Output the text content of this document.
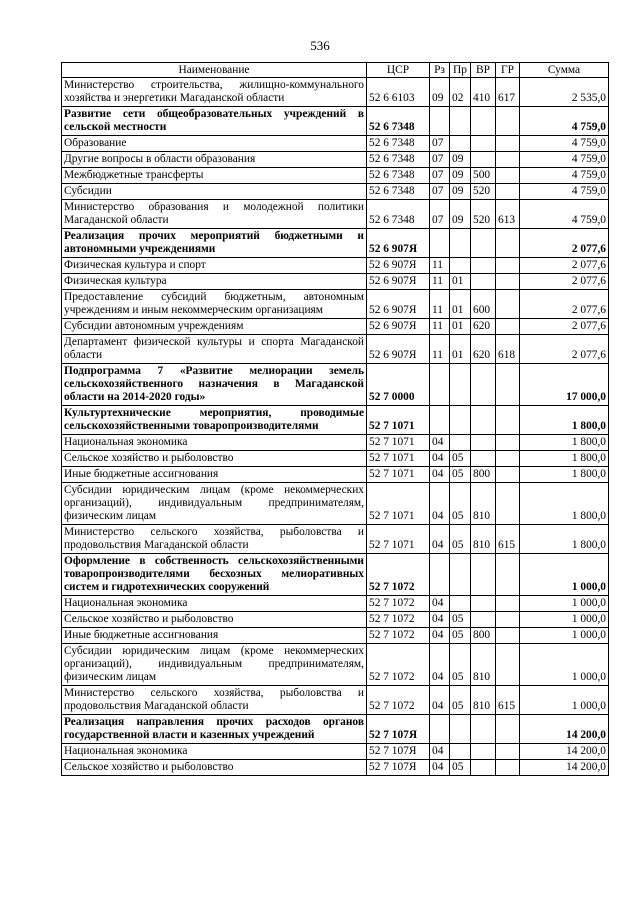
536
Наименование	ЦСР	Рз	Пр	ВР	ГР	Сумма
Министерство строительства, жилищно-коммунального хозяйства и энергетики Магаданской области	52 6 6103	09	02	410	617	2 535,0
Развитие сети общеобразовательных учреждений в сельской местности	52 6 7348					4 759,0
Образование	52 6 7348	07				4 759,0
Другие вопросы в области образования	52 6 7348	07	09			4 759,0
Межбюджетные трансферты	52 6 7348	07	09	500		4 759,0
Субсидии	52 6 7348	07	09	520		4 759,0
Министерство образования и молодежной политики Магаданской области	52 6 7348	07	09	520	613	4 759,0
Реализация прочих мероприятий бюджетными и автономными учреждениями	52 6 907Я					2 077,6
Физическая культура и спорт	52 6 907Я	11				2 077,6
Физическая культура	52 6 907Я	11	01			2 077,6
Предоставление субсидий бюджетным, автономным учреждениям и иным некоммерческим организациям	52 6 907Я	11	01	600		2 077,6
Субсидии автономным учреждениям	52 6 907Я	11	01	620		2 077,6
Департамент физической культуры и спорта Магаданской области	52 6 907Я	11	01	620	618	2 077,6
Подпрограмма 7 «Развитие мелиорации земель сельскохозяйственного назначения в Магаданской области на 2014-2020 годы»	52 7 0000					17 000,0
Культуртехнические мероприятия, проводимые сельскохозяйственными товаропроизводителями	52 7 1071					1 800,0
Национальная экономика	52 7 1071	04				1 800,0
Сельское хозяйство и рыболовство	52 7 1071	04	05			1 800,0
Иные бюджетные ассигнования	52 7 1071	04	05	800		1 800,0
Субсидии юридическим лицам (кроме некоммерческих организаций), индивидуальным предпринимателям, физическим лицам	52 7 1071	04	05	810		1 800,0
Министерство сельского хозяйства, рыболовства и продовольствия Магаданской области	52 7 1071	04	05	810	615	1 800,0
Оформление в собственность сельскохозяйственными товаропроизводителями бесхозных мелиоративных систем и гидротехнических сооружений	52 7 1072					1 000,0
Национальная экономика	52 7 1072	04				1 000,0
Сельское хозяйство и рыболовство	52 7 1072	04	05			1 000,0
Иные бюджетные ассигнования	52 7 1072	04	05	800		1 000,0
Субсидии юридическим лицам (кроме некоммерческих организаций), индивидуальным предпринимателям, физическим лицам	52 7 1072	04	05	810		1 000,0
Министерство сельского хозяйства, рыболовства и продовольствия Магаданской области	52 7 1072	04	05	810	615	1 000,0
Реализация направления прочих расходов органов государственной власти и казенных учреждений	52 7 107Я					14 200,0
Национальная экономика	52 7 107Я	04				14 200,0
Сельское хозяйство и рыболовство	52 7 107Я	04	05			14 200,0
